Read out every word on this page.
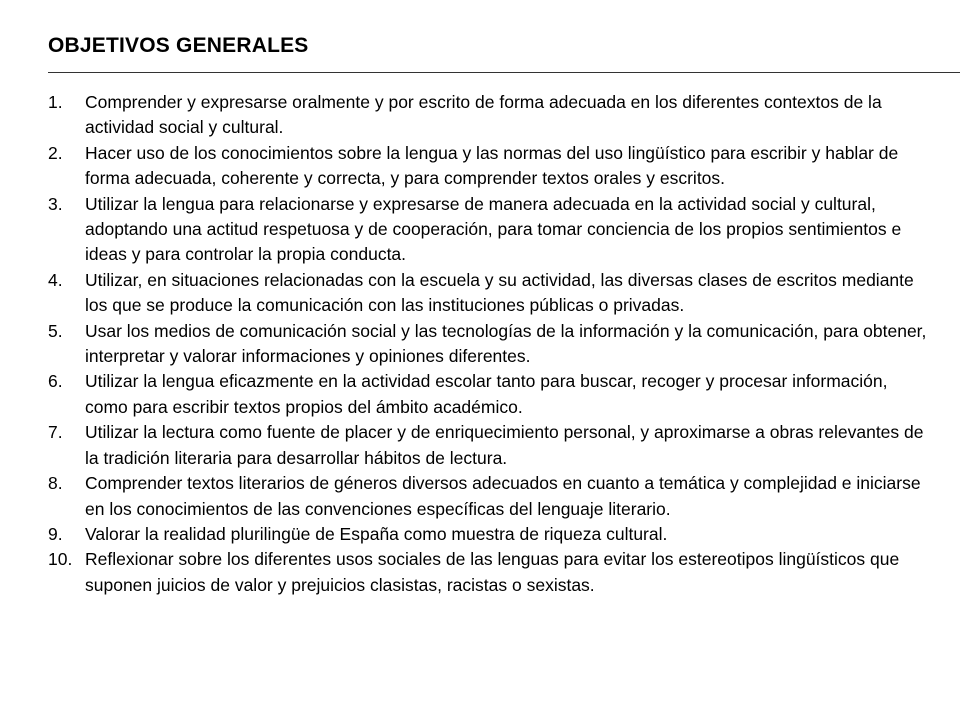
OBJETIVOS GENERALES
1.	Comprender y expresarse oralmente y por escrito de forma adecuada en los diferentes contextos de la actividad social y cultural.
2.	Hacer uso de los conocimientos sobre la lengua y las normas del uso lingüístico para escribir y hablar de forma adecuada, coherente y correcta, y para comprender textos orales y escritos.
3.	Utilizar la lengua para relacionarse y expresarse de manera adecuada en la actividad social y cultural, adoptando una actitud respetuosa y de cooperación, para tomar conciencia de los propios sentimientos e ideas y para controlar la propia conducta.
4.	Utilizar, en situaciones relacionadas con la escuela y su actividad, las diversas clases de escritos mediante los que se produce la comunicación con las instituciones públicas o privadas.
5.	Usar los medios de comunicación social y las tecnologías de la información y la comunicación, para obtener, interpretar y valorar informaciones y opiniones diferentes.
6.	Utilizar la lengua eficazmente en la actividad escolar tanto para buscar, recoger y procesar información, como para escribir textos propios del ámbito académico.
7.	Utilizar la lectura como fuente de placer y de enriquecimiento personal, y aproximarse a obras relevantes de la tradición literaria para desarrollar hábitos de lectura.
8.	Comprender textos literarios de géneros diversos adecuados en cuanto a temática y complejidad e iniciarse en los conocimientos de las convenciones específicas del lenguaje literario.
9.	Valorar la realidad plurilingüe de España como muestra de riqueza cultural.
10. Reflexionar sobre los diferentes usos sociales de las lenguas para evitar los estereotipos lingüísticos que suponen juicios de valor y prejuicios clasistas, racistas o sexistas.
